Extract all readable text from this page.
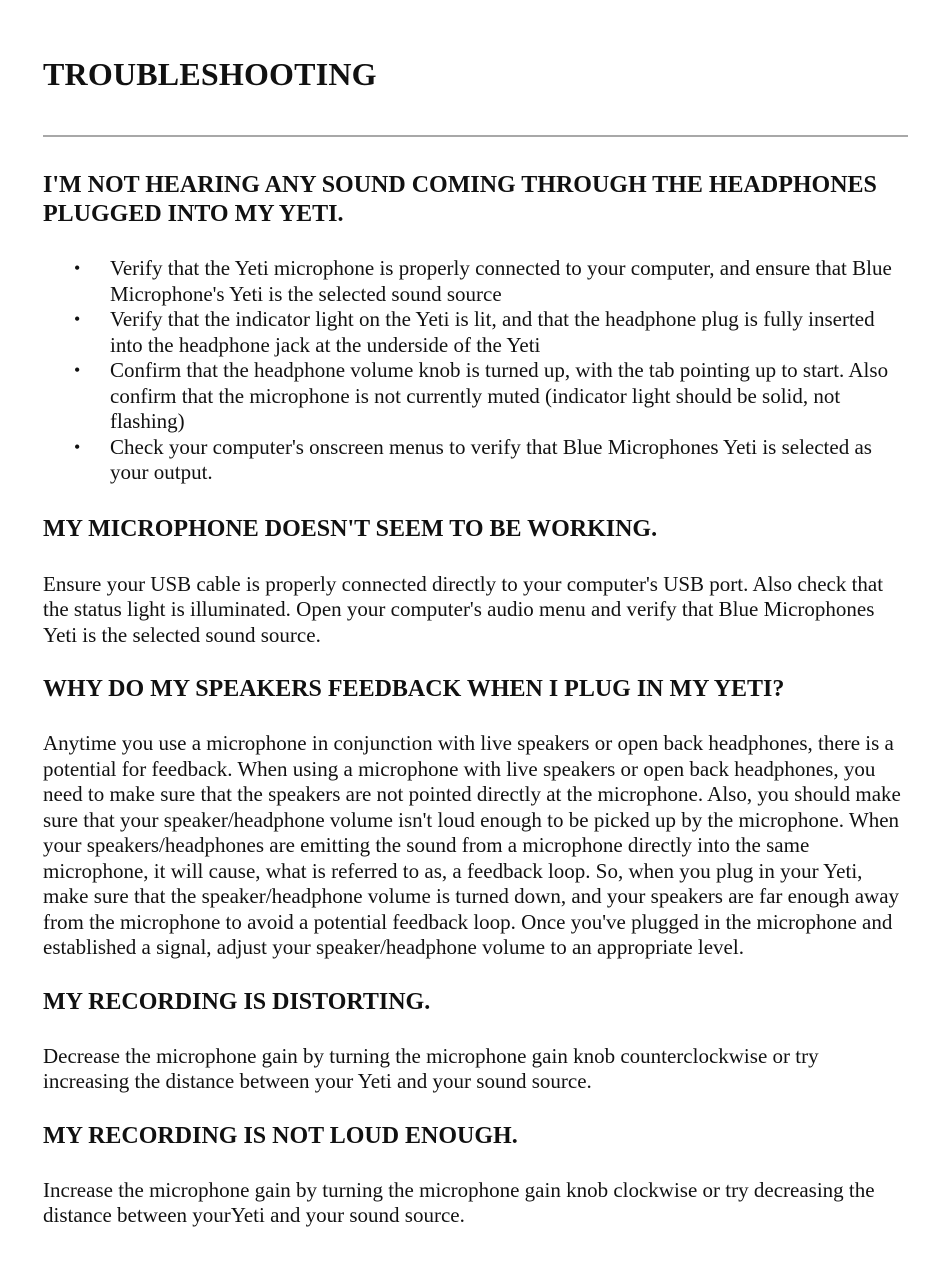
TROUBLESHOOTING
I'M NOT HEARING ANY SOUND COMING THROUGH THE HEADPHONES PLUGGED INTO MY YETI.
• Verify that the Yeti microphone is properly connected to your computer, and ensure that Blue Microphone's Yeti is the selected sound source
• Verify that the indicator light on the Yeti is lit, and that the headphone plug is fully inserted into the headphone jack at the underside of the Yeti
• Confirm that the headphone volume knob is turned up, with the tab pointing up to start. Also confirm that the microphone is not currently muted (indicator light should be solid, not flashing)
• Check your computer's onscreen menus to verify that Blue Microphones Yeti is selected as your output.
MY MICROPHONE DOESN'T SEEM TO BE WORKING.

Ensure your USB cable is properly connected directly to your computer's USB port. Also check that the status light is illuminated. Open your computer's audio menu and verify that Blue Microphones Yeti is the selected sound source.

WHY DO MY SPEAKERS FEEDBACK WHEN I PLUG IN MY YETI?

Anytime you use a microphone in conjunction with live speakers or open back headphones, there is a potential for feedback. When using a microphone with live speakers or open back headphones, you need to make sure that the speakers are not pointed directly at the microphone. Also, you should make sure that your speaker/headphone volume isn't loud enough to be picked up by the microphone. When your speakers/headphones are emitting the sound from a microphone directly into the same microphone, it will cause, what is referred to as, a feedback loop. So, when you plug in your Yeti, make sure that the speaker/headphone volume is turned down, and your speakers are far enough away from the microphone to avoid a potential feedback loop. Once you've plugged in the microphone and established a signal, adjust your speaker/headphone volume to an appropriate level.

MY RECORDING IS DISTORTING.

Decrease the microphone gain by turning the microphone gain knob counterclockwise or try increasing the distance between your Yeti and your sound source.

MY RECORDING IS NOT LOUD ENOUGH.

Increase the microphone gain by turning the microphone gain knob clockwise or try decreasing the distance between yourYeti and your sound source.
